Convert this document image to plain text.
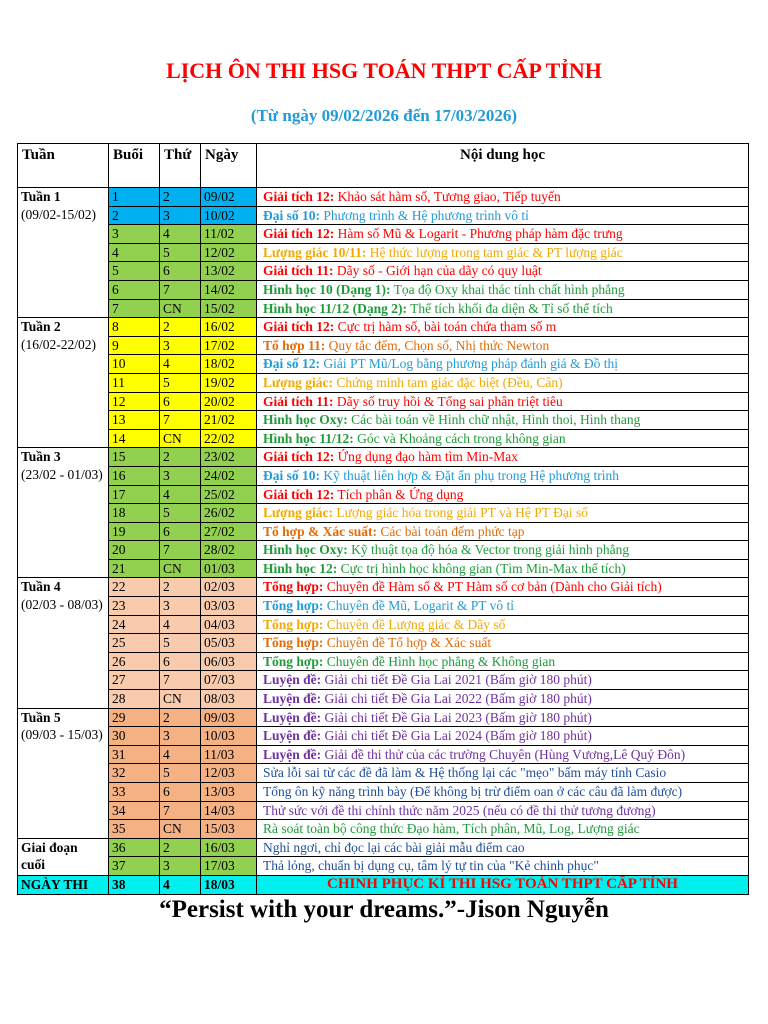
LỊCH ÔN THI HSG TOÁN THPT CẤP TỈNH
(Từ ngày 09/02/2026 đến 17/03/2026)
Tuần	Buổi	Thứ	Ngày	Nội dung học

Tuần 1
(09/02-15/02)	1	2	09/02	Giải tích 12: Khảo sát hàm số, Tương giao, Tiếp tuyến
	2	3	10/02	Đại số 10: Phương trình & Hệ phương trình vô tỉ
	3	4	11/02	Giải tích 12: Hàm số Mũ & Logarit - Phương pháp hàm đặc trưng
	4	5	12/02	Lượng giác 10/11: Hệ thức lượng trong tam giác & PT lượng giác
	5	6	13/02	Giải tích 11: Dãy số - Giới hạn của dãy có quy luật
	6	7	14/02	Hình học 10 (Dạng 1): Tọa độ Oxy khai thác tính chất hình phẳng
	7	CN	15/02	Hình học 11/12 (Dạng 2): Thể tích khối đa diện & Tỉ số thể tích

Tuần 2
(16/02-22/02)	8	2	16/02	Giải tích 12: Cực trị hàm số, bài toán chứa tham số m
	9	3	17/02	Tổ hợp 11: Quy tắc đếm, Chọn số, Nhị thức Newton
	10	4	18/02	Đại số 12: Giải PT Mũ/Log bằng phương pháp đánh giá & Đồ thị
	11	5	19/02	Lượng giác: Chứng minh tam giác đặc biệt (Đều, Cân)
	12	6	20/02	Giải tích 11: Dãy số truy hồi & Tổng sai phân triệt tiêu
	13	7	21/02	Hình học Oxy: Các bài toán về Hình chữ nhật, Hình thoi, Hình thang
	14	CN	22/02	Hình học 11/12: Góc và Khoảng cách trong không gian

Tuần 3
(23/02 - 01/03)	15	2	23/02	Giải tích 12: Ứng dụng đạo hàm tìm Min-Max
	16	3	24/02	Đại số 10: Kỹ thuật liên hợp & Đặt ẩn phụ trong Hệ phương trình
	17	4	25/02	Giải tích 12: Tích phân & Ứng dụng
	18	5	26/02	Lượng giác: Lượng giác hóa trong giải PT và Hệ PT Đại số
	19	6	27/02	Tổ hợp & Xác suất: Các bài toán đếm phức tạp
	20	7	28/02	Hình học Oxy: Kỹ thuật tọa độ hóa & Vector trong giải hình phẳng
	21	CN	01/03	Hình học 12: Cực trị hình học không gian (Tìm Min-Max thể tích)

Tuần 4
(02/03 - 08/03)	22	2	02/03	Tổng hợp: Chuyên đề Hàm số & PT Hàm số cơ bản (Dành cho Giải tích)
	23	3	03/03	Tổng hợp: Chuyên đề Mũ, Logarit & PT vô tỉ
	24	4	04/03	Tổng hợp: Chuyên đề Lượng giác & Dãy số
	25	5	05/03	Tổng hợp: Chuyên đề Tổ hợp & Xác suất
	26	6	06/03	Tổng hợp: Chuyên đề Hình học phẳng & Không gian
	27	7	07/03	Luyện đề: Giải chi tiết Đề Gia Lai 2021 (Bấm giờ 180 phút)
	28	CN	08/03	Luyện đề: Giải chi tiết Đề Gia Lai 2022 (Bấm giờ 180 phút)

Tuần 5
(09/03 - 15/03)	29	2	09/03	Luyện đề: Giải chi tiết Đề Gia Lai 2023 (Bấm giờ 180 phút)
	30	3	10/03	Luyện đề: Giải chi tiết Đề Gia Lai 2024 (Bấm giờ 180 phút)
	31	4	11/03	Luyện đề: Giải đề thi thử của các trường Chuyên (Hùng Vương,Lê Quý Đôn)
	32	5	12/03	Sửa lỗi sai từ các đề đã làm & Hệ thống lại các "mẹo" bấm máy tính Casio
	33	6	13/03	Tổng ôn kỹ năng trình bày (Để không bị trừ điểm oan ở các câu đã làm được)
	34	7	14/03	Thử sức với đề thi chính thức năm 2025 (nếu có đề thi thử tương đương)
	35	CN	15/03	Rà soát toàn bộ công thức Đạo hàm, Tích phân, Mũ, Log, Lượng giác

Giai đoạn cuối	36	2	16/03	Nghỉ ngơi, chỉ đọc lại các bài giải mẫu điểm cao
	37	3	17/03	Thả lỏng, chuẩn bị dụng cụ, tâm lý tự tin của "Kẻ chinh phục"
NGÀY THI	38	4	18/03	CHINH PHỤC KÌ THI HSG TOÁN THPT CẤP TỈNH
“Persist with your dreams.”-Jison Nguyễn
